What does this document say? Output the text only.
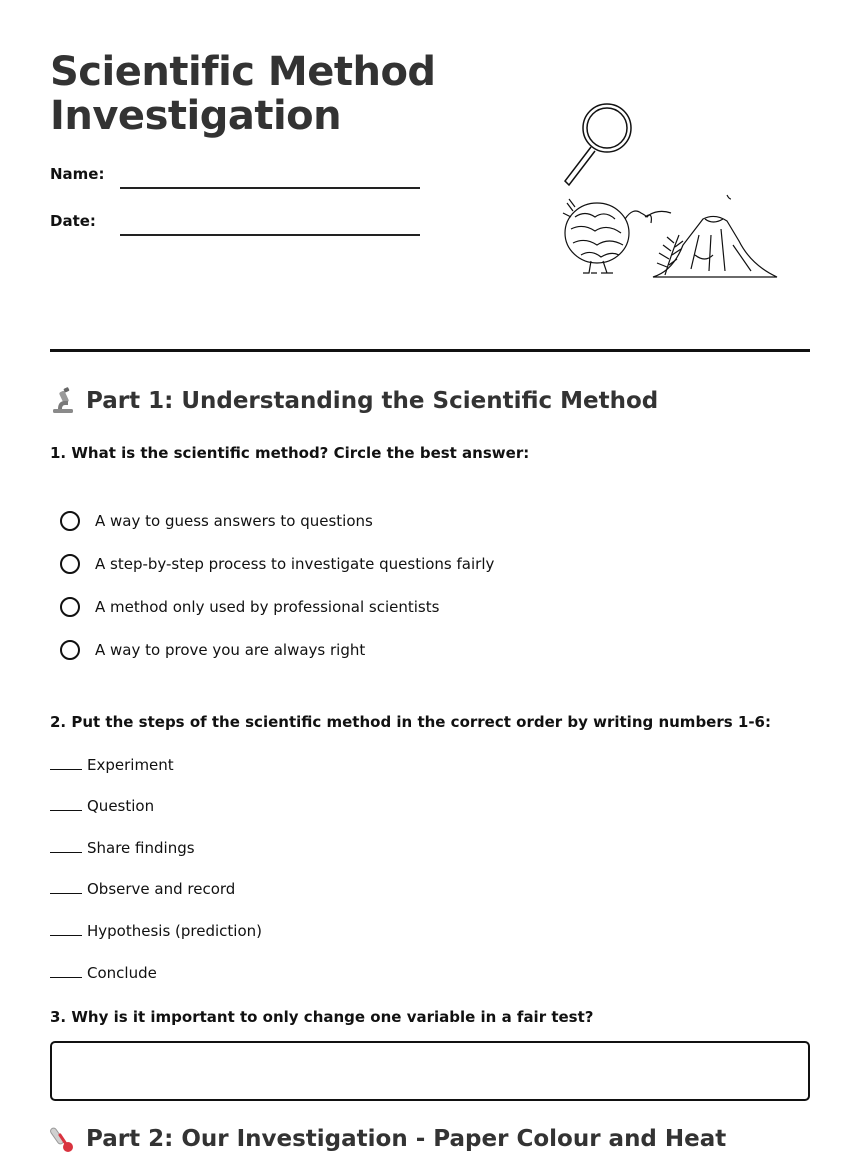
Scientific Method
Investigation
Name:
Date:
Part 1: Understanding the Scientific Method

1. What is the scientific method? Circle the best answer:

A way to guess answers to questions
A step-by-step process to investigate questions fairly
A method only used by professional scientists
A way to prove you are always right

2. Put the steps of the scientific method in the correct order by writing numbers 1-6:

Experiment
Question
Share findings
Observe and record
Hypothesis (prediction)
Conclude

3. Why is it important to only change one variable in a fair test?

Part 2: Our Investigation - Paper Colour and Heat
